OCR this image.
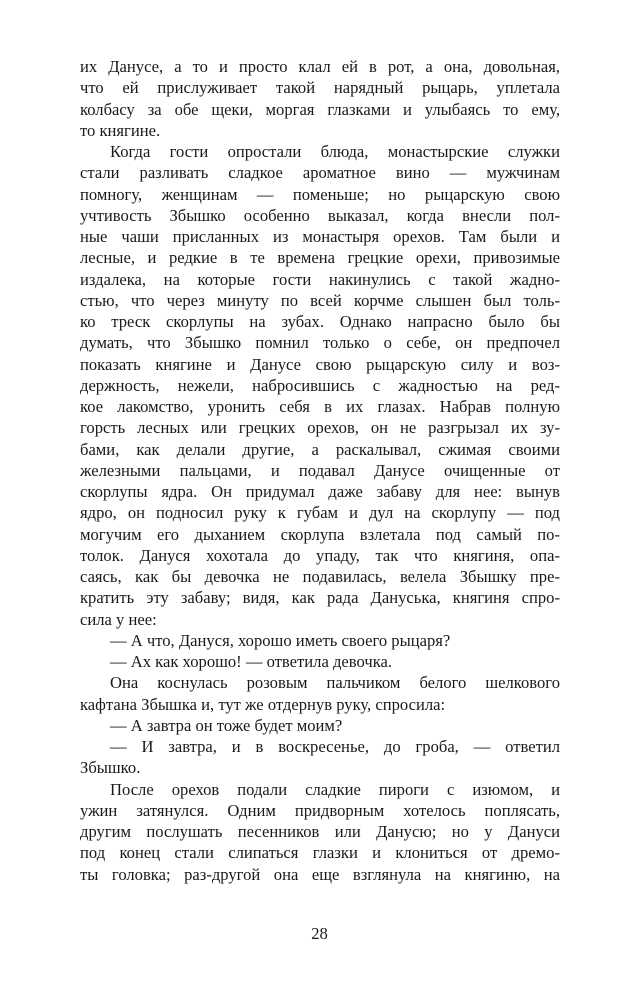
их Данусе, а то и просто клал ей в рот, а она, довольная,
что ей прислуживает такой нарядный рыцарь, уплетала
колбасу за обе щеки, моргая глазками и улыбаясь то ему,
то княгине.
Когда гости опростали блюда, монастырские служки
стали разливать сладкое ароматное вино — мужчинам
помногу, женщинам — поменьше; но рыцарскую свою
учтивость Збышко особенно выказал, когда внесли пол-
ные чаши присланных из монастыря орехов. Там были и
лесные, и редкие в те времена грецкие орехи, привозимые
издалека, на которые гости накинулись с такой жадно-
стью, что через минуту по всей корчме слышен был толь-
ко треск скорлупы на зубах. Однако напрасно было бы
думать, что Збышко помнил только о себе, он предпочел
показать княгине и Данусе свою рыцарскую силу и воз-
держность, нежели, набросившись с жадностью на ред-
кое лакомство, уронить себя в их глазах. Набрав полную
горсть лесных или грецких орехов, он не разгрызал их зу-
бами, как делали другие, а раскалывал, сжимая своими
железными пальцами, и подавал Данусе очищенные от
скорлупы ядра. Он придумал даже забаву для нее: вынув
ядро, он подносил руку к губам и дул на скорлупу — под
могучим его дыханием скорлупа взлетала под самый по-
толок. Дануся хохотала до упаду, так что княгиня, опа-
саясь, как бы девочка не подавилась, велела Збышку пре-
кратить эту забаву; видя, как рада Дануська, княгиня спро-
сила у нее:
— А что, Дануся, хорошо иметь своего рыцаря?
— Ах как хорошо! — ответила девочка.
Она коснулась розовым пальчиком белого шелкового
кафтана Збышка и, тут же отдернув руку, спросила:
— А завтра он тоже будет моим?
— И завтра, и в воскресенье, до гроба, — ответил
Збышко.
После орехов подали сладкие пироги с изюмом, и
ужин затянулся. Одним придворным хотелось поплясать,
другим послушать песенников или Данусю; но у Дануси
под конец стали слипаться глазки и клониться от дремо-
ты головка; раз-другой она еще взглянула на княгиню, на
28
